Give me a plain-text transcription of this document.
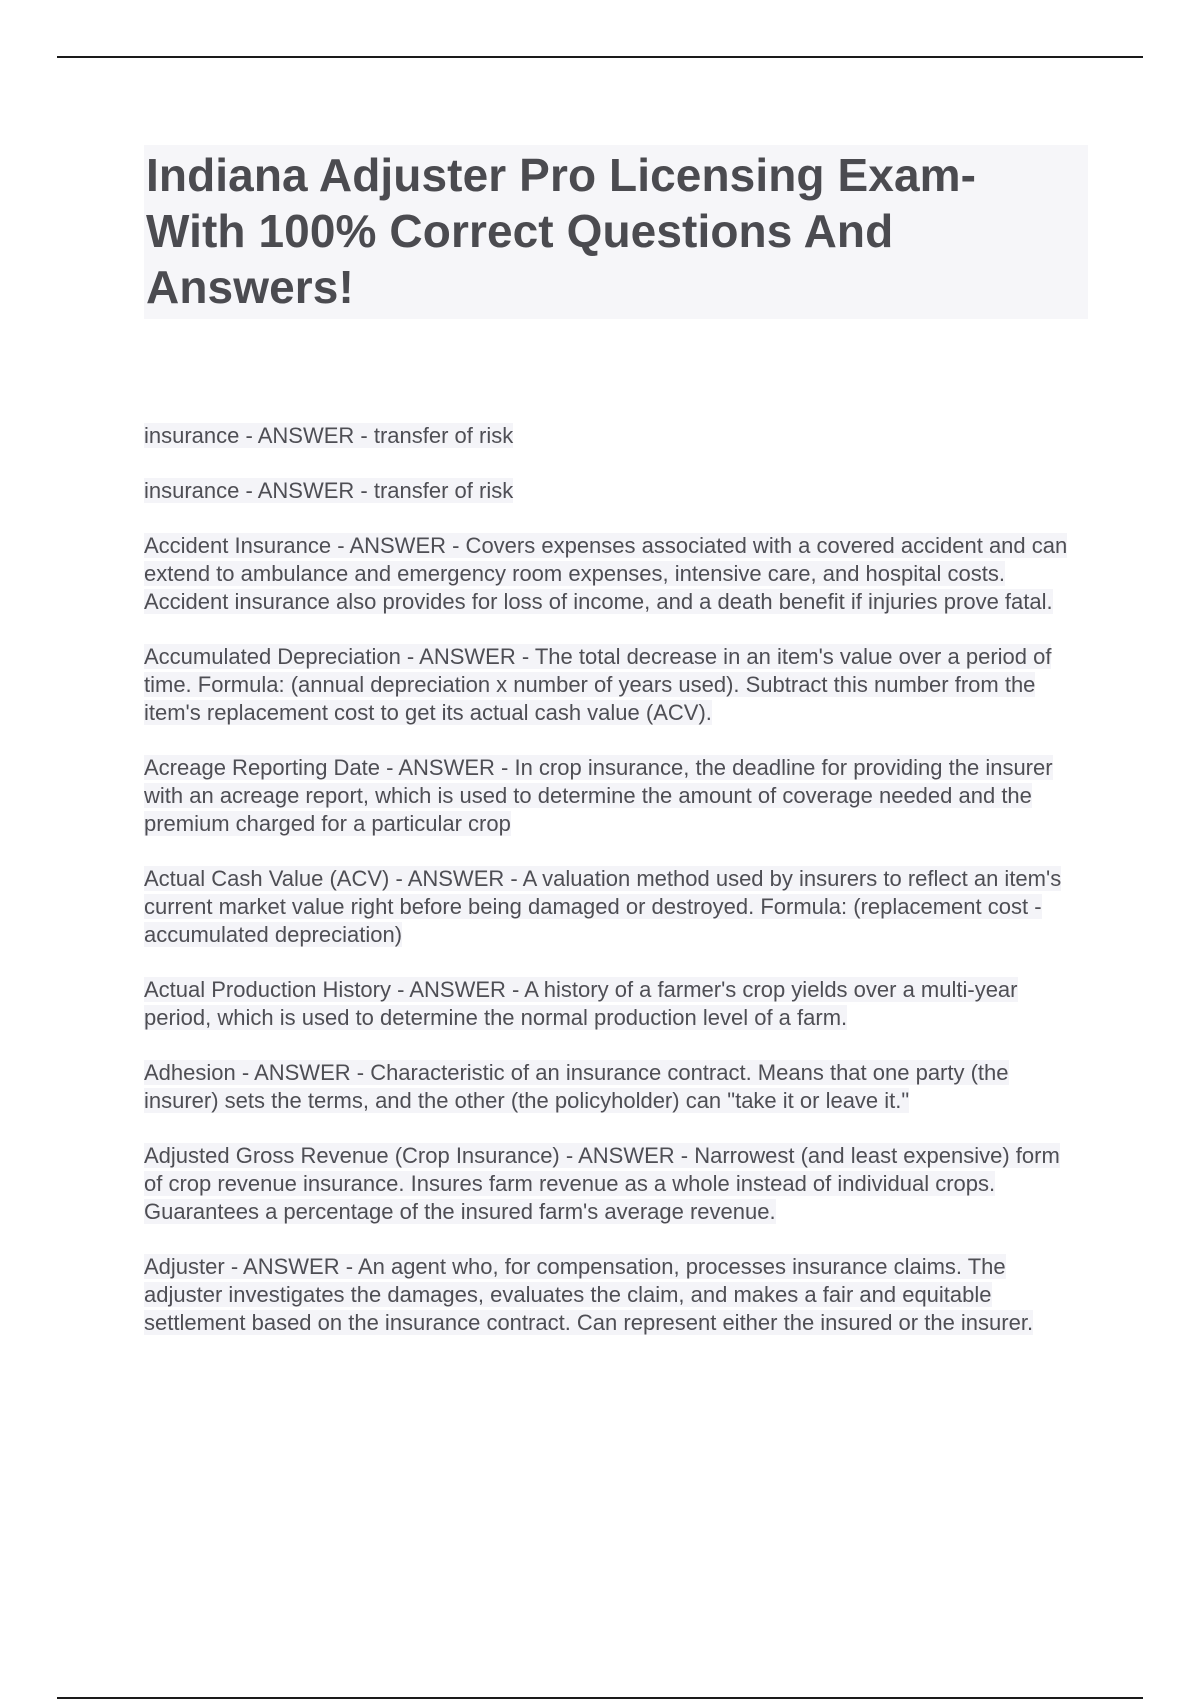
Indiana Adjuster Pro Licensing Exam- With 100% Correct Questions And Answers!

insurance - ANSWER - transfer of risk

insurance - ANSWER - transfer of risk

Accident Insurance - ANSWER - Covers expenses associated with a covered accident and can extend to ambulance and emergency room expenses, intensive care, and hospital costs. Accident insurance also provides for loss of income, and a death benefit if injuries prove fatal.

Accumulated Depreciation - ANSWER - The total decrease in an item's value over a period of time. Formula: (annual depreciation x number of years used). Subtract this number from the item's replacement cost to get its actual cash value (ACV).

Acreage Reporting Date - ANSWER - In crop insurance, the deadline for providing the insurer with an acreage report, which is used to determine the amount of coverage needed and the premium charged for a particular crop

Actual Cash Value (ACV) - ANSWER - A valuation method used by insurers to reflect an item's current market value right before being damaged or destroyed. Formula: (replacement cost - accumulated depreciation)

Actual Production History - ANSWER - A history of a farmer's crop yields over a multi-year period, which is used to determine the normal production level of a farm.

Adhesion - ANSWER - Characteristic of an insurance contract. Means that one party (the insurer) sets the terms, and the other (the policyholder) can "take it or leave it."

Adjusted Gross Revenue (Crop Insurance) - ANSWER - Narrowest (and least expensive) form of crop revenue insurance. Insures farm revenue as a whole instead of individual crops. Guarantees a percentage of the insured farm's average revenue.

Adjuster - ANSWER - An agent who, for compensation, processes insurance claims. The adjuster investigates the damages, evaluates the claim, and makes a fair and equitable settlement based on the insurance contract. Can represent either the insured or the insurer.
